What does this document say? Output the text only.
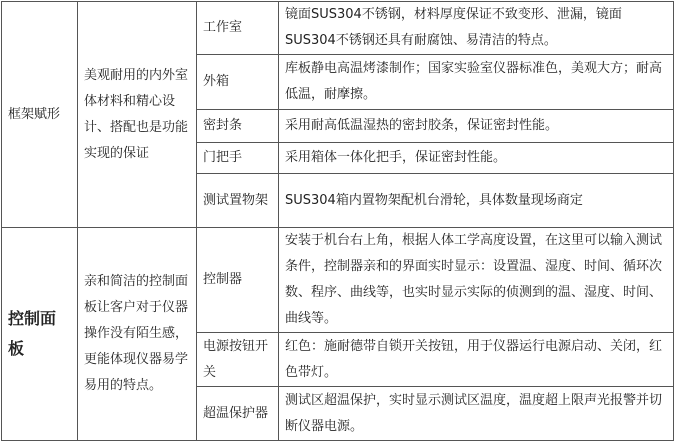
框架赋形	美观耐用的内外室体材料和精心设计、搭配也是功能实现的保证	工作室	镜面SUS304不锈钢，材料厚度保证不致变形、泄漏，镜面SUS304不锈钢还具有耐腐蚀、易清洁的特点。
		外箱	库板静电高温烤漆制作；国家实验室仪器标准色，美观大方；耐高低温，耐摩擦。
		密封条	采用耐高低温湿热的密封胶条，保证密封性能。
		门把手	采用箱体一体化把手，保证密封性能。
		测试置物架	SUS304箱内置物架配机台滑轮，具体数量现场商定
控制面板	亲和简洁的控制面板让客户对于仪器操作没有陌生感，更能体现仪器易学易用的特点。	控制器	安装于机台右上角，根据人体工学高度设置，在这里可以输入测试条件，控制器亲和的界面实时显示：设置温、湿度、时间、循环次数、程序、曲线等，也实时显示实际的侦测到的温、湿度、时间、曲线等。
		电源按钮开关	红色：施耐德带自锁开关按钮，用于仪器运行电源启动、关闭，红色带灯。
		超温保护器	测试区超温保护，实时显示测试区温度，温度超上限声光报警并切断仪器电源。
